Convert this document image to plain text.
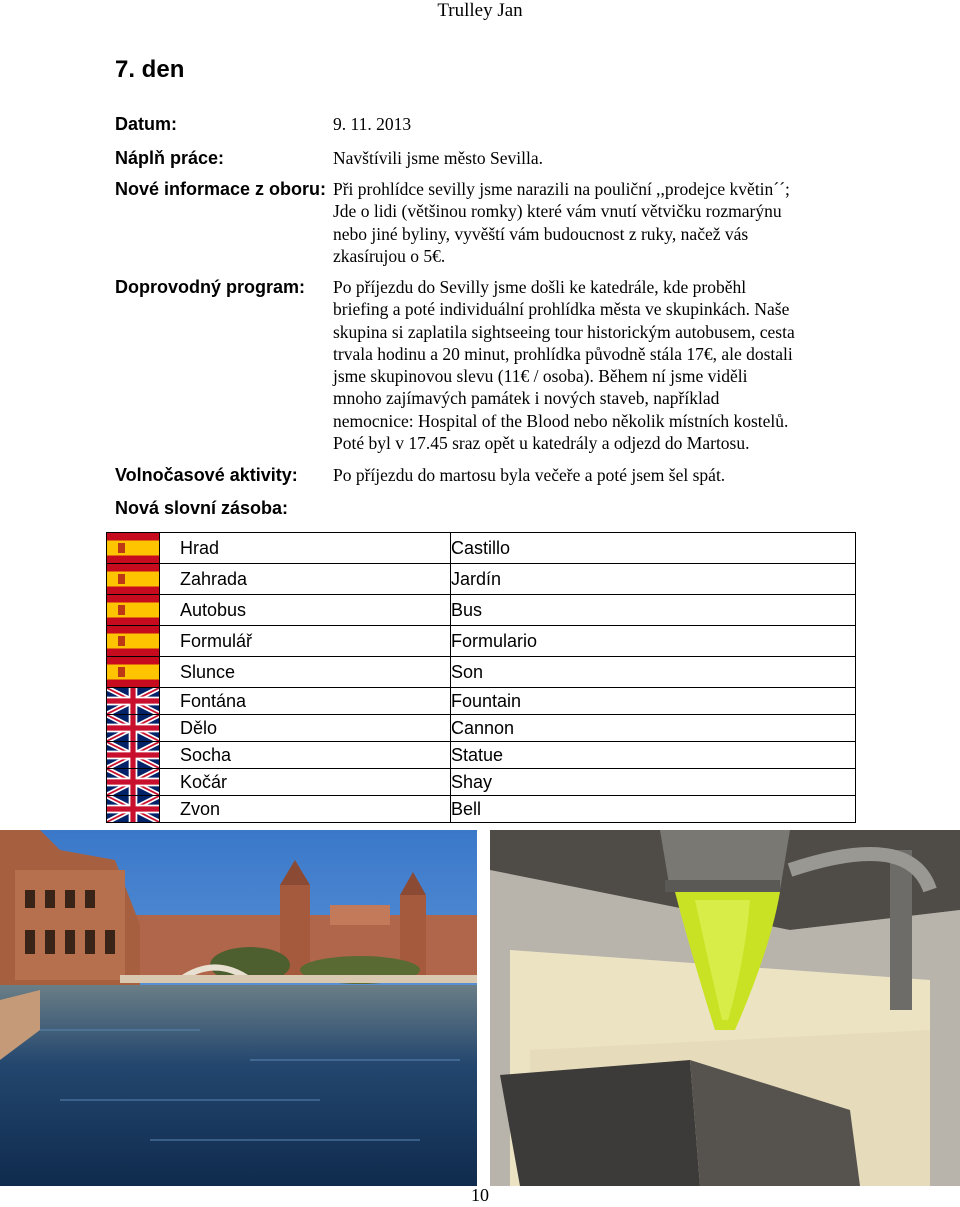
Trulley Jan
7. den
Datum:	9. 11. 2013
Náplň práce:	Navštívili jsme město Sevilla.
Nové informace z oboru: Při prohlídce sevilly jsme narazili na pouliční ,,prodejce květin´´;
Jde o lidi (většinou romky) které vám vnutí větvičku rozmarýnu
nebo jiné byliny, vyvěští vám budoucnost z ruky, načež vás
zkasírujou o 5€.
Doprovodný program: Po příjezdu do Sevilly jsme došli ke katedrále, kde proběhl
briefing a poté individuální prohlídka města ve skupinkách. Naše
skupina si zaplatila sightseeing tour historickým autobusem, cesta
trvala hodinu a 20 minut, prohlídka původně stála 17€, ale dostali
jsme skupinovou slevu (11€ / osoba). Během ní jsme viděli
mnoho zajímavých památek i nových staveb, například
nemocnice: Hospital of the Blood nebo několik místních kostelů.
Poté byl v 17.45 sraz opět u katedrály a odjezd do Martosu.
Volnočasové aktivity: Po příjezdu do martosu byla večeře a poté jsem šel spát.
Nová slovní zásoba:
	Hrad	Castillo

	Zahrada	Jardín

	Autobus	Bus

	Formulář	Formulario

	Slunce	Son

	Fontána	Fountain

	Dělo	Cannon

	Socha	Statue

	Kočár	Shay

	Zvon	Bell
10
